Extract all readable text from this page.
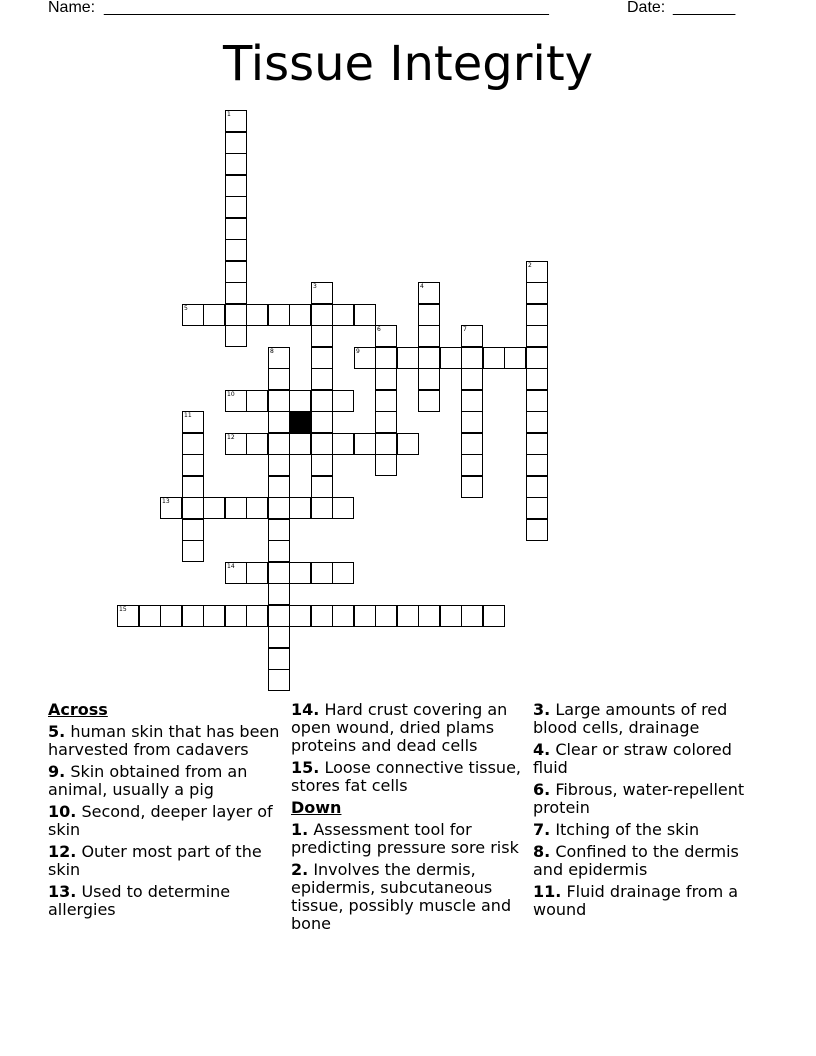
Name: __________________________________________________	Date: _______
Tissue Integrity
1
2
3	4
5
6	7
8	9
10
11
12
13
14
15
Across
5. human skin that has been harvested from cadavers
9. Skin obtained from an animal, usually a pig
10. Second, deeper layer of skin
12. Outer most part of the skin
13. Used to determine allergies
14. Hard crust covering an open wound, dried plams proteins and dead cells
15. Loose connective tissue, stores fat cells
Down
1. Assessment tool for predicting pressure sore risk
2. Involves the dermis, epidermis, subcutaneous tissue, possibly muscle and bone
3. Large amounts of red blood cells, drainage
4. Clear or straw colored fluid
6. Fibrous, water-repellent protein
7. Itching of the skin
8. Confined to the dermis and epidermis
11. Fluid drainage from a wound
